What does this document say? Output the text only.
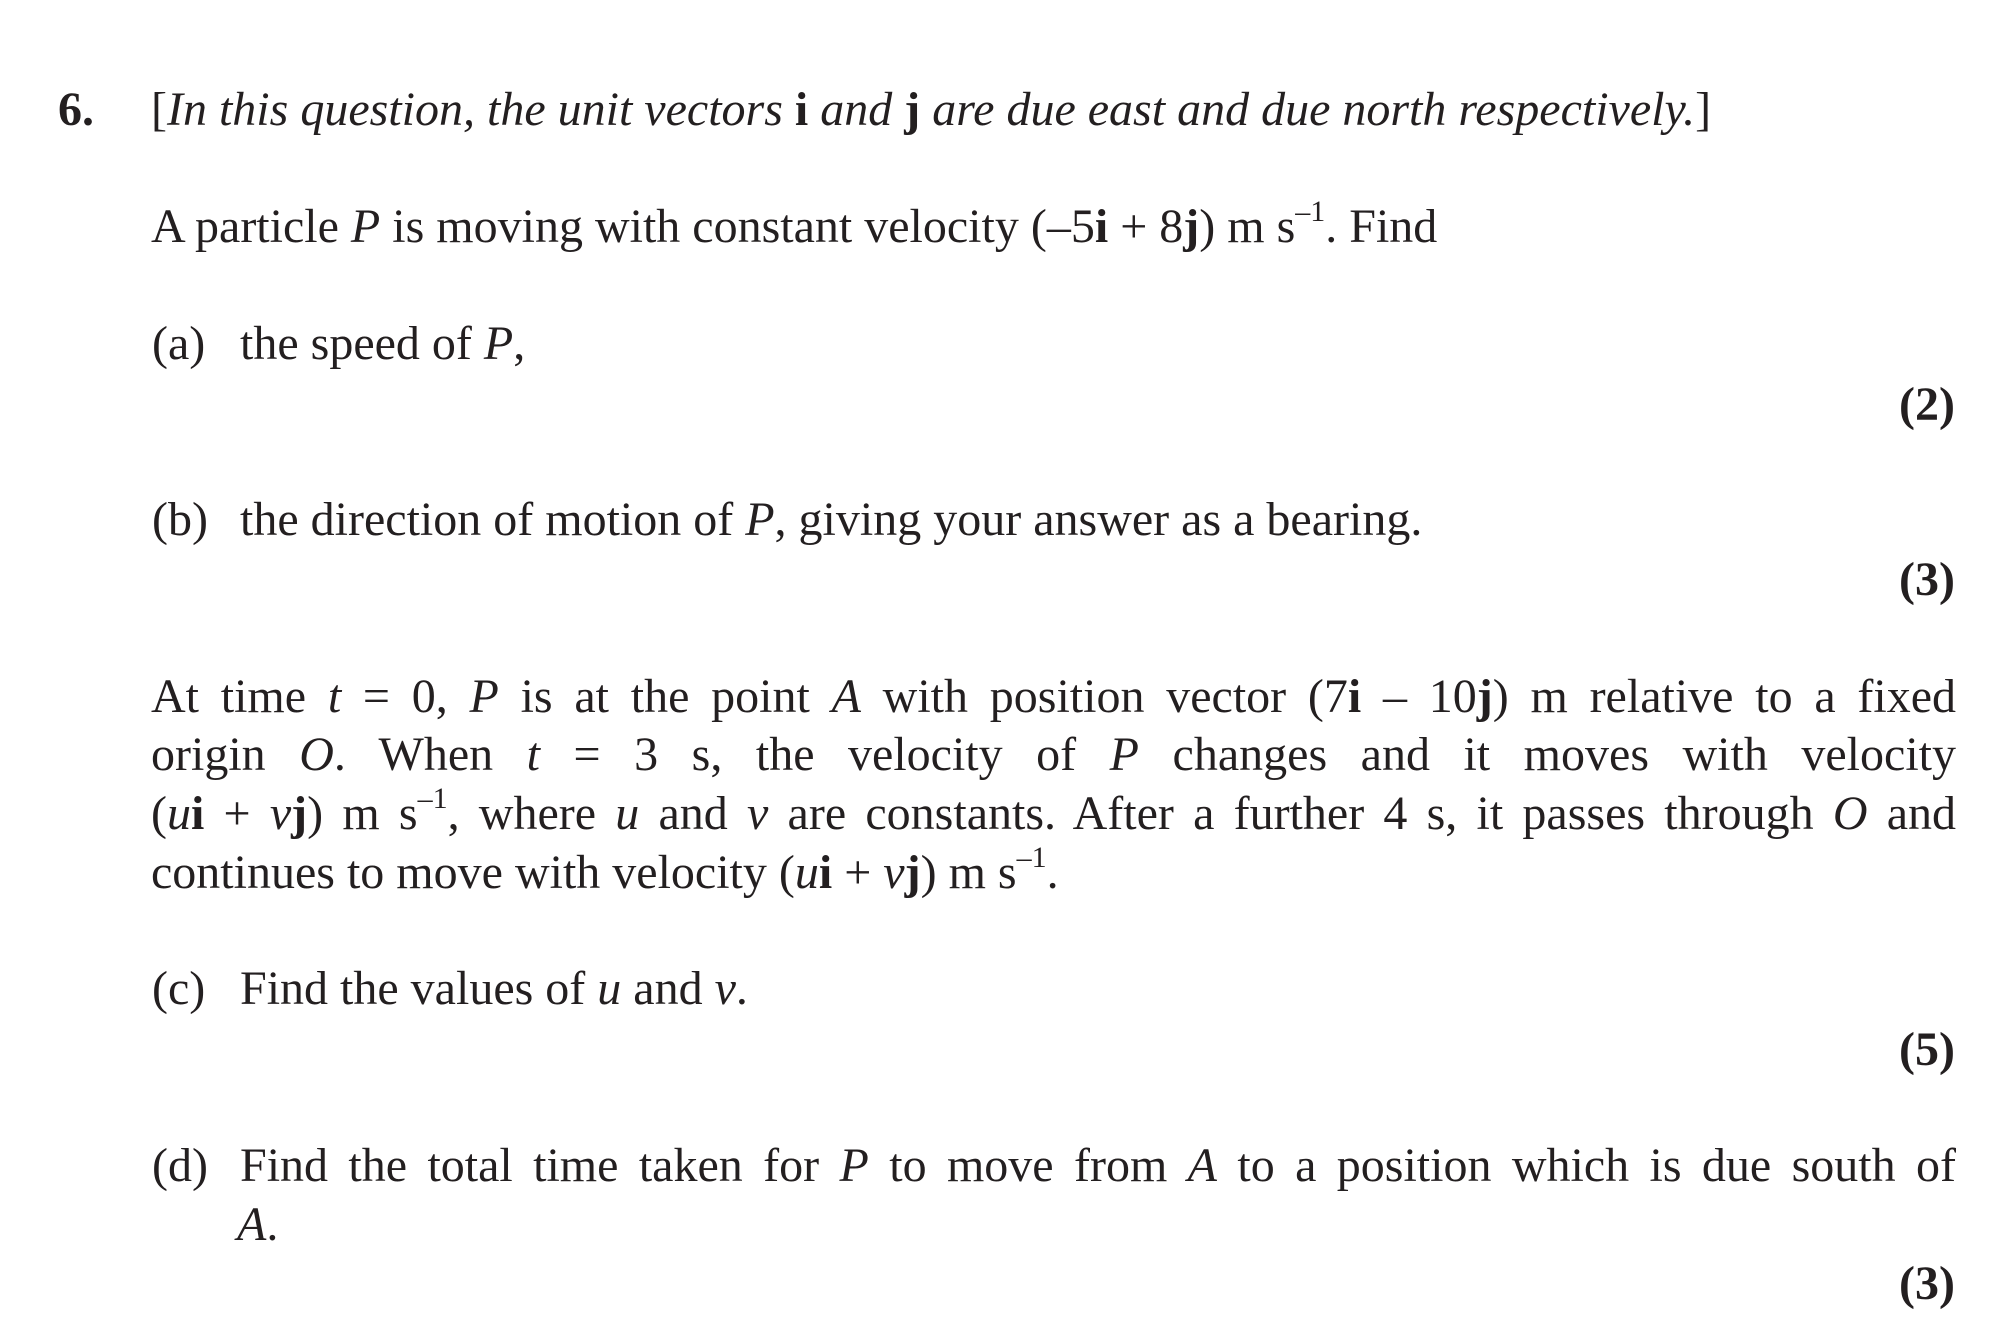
6. [In this question, the unit vectors i and j are due east and due north respectively.]

A particle P is moving with constant velocity (–5i + 8j) m $s^{-1}$. Find

(a) the speed of P,

(2)
(b) the direction of motion of P, giving your answer as a bearing.

(3)

At time t = 0, P is at the point A with position vector (7i – 10j) m relative to a fixed

origin O. When t = 3 s, the velocity of P changes and it moves with velocity

(ui + vj) m $s^{-1}$, where u and v are constants. After a further 4 s, it passes through O and

continues to move with velocity (ui + vj) m $s^{-1}$.

(c) Find the values of u and v.

(5)
(d) Find the total time taken for P to move from A to a position which is due south of

A.

(3)
